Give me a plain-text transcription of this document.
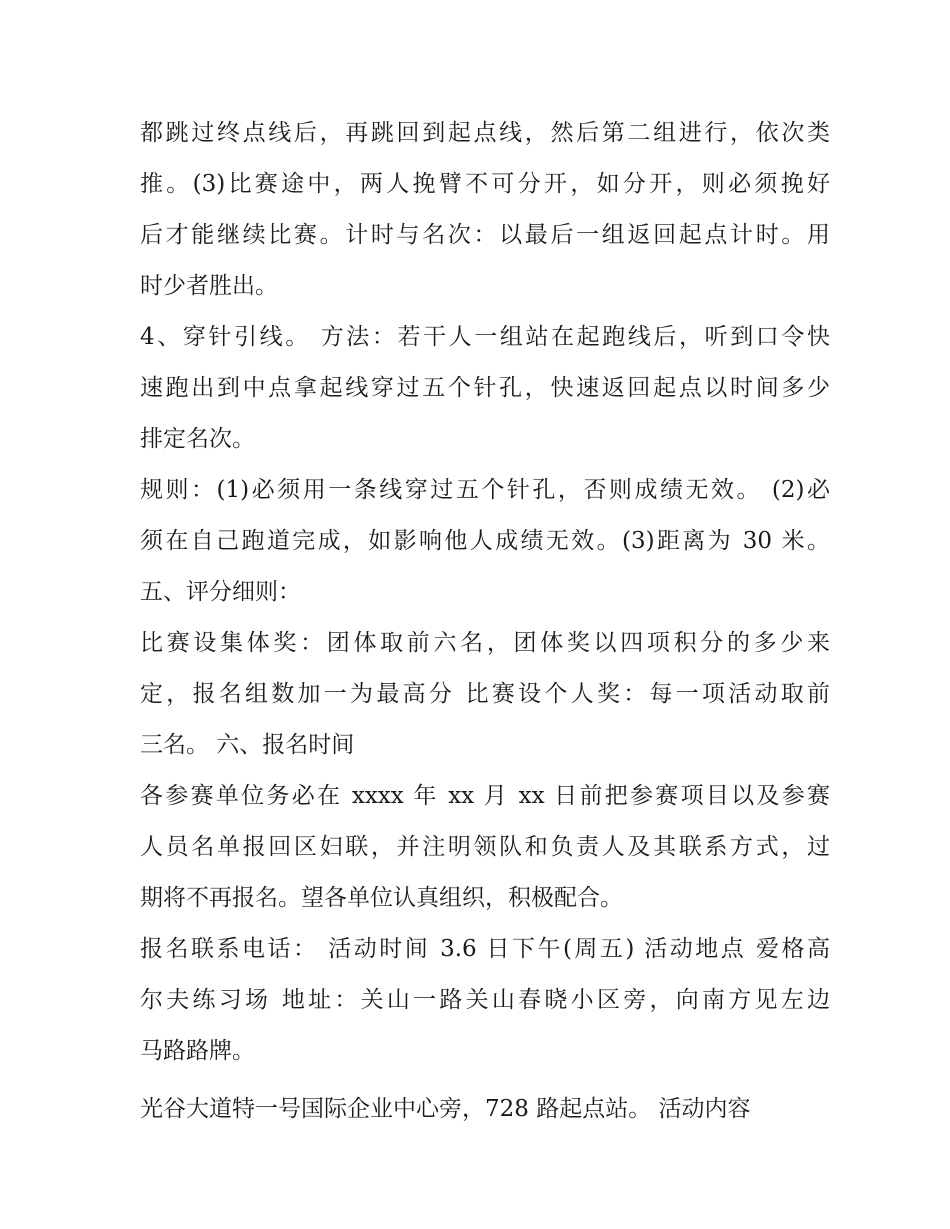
都跳过终点线后，再跳回到起点线，然后第二组进行，依次类
推。(3)比赛途中，两人挽臂不可分开，如分开，则必须挽好
后才能继续比赛。计时与名次：以最后一组返回起点计时。用
时少者胜出。
4、穿针引线。 方法：若干人一组站在起跑线后，听到口令快
速跑出到中点拿起线穿过五个针孔，快速返回起点以时间多少
排定名次。
规则：(1)必须用一条线穿过五个针孔，否则成绩无效。 (2)必
须在自己跑道完成，如影响他人成绩无效。(3)距离为 30 米。
五、评分细则：
比赛设集体奖：团体取前六名，团体奖以四项积分的多少来
定，报名组数加一为最高分 比赛设个人奖：每一项活动取前
三名。 六、报名时间
各参赛单位务必在 xxxx 年 xx 月 xx 日前把参赛项目以及参赛
人员名单报回区妇联，并注明领队和负责人及其联系方式，过
期将不再报名。望各单位认真组织，积极配合。
报名联系电话： 活动时间 3.6 日下午(周五) 活动地点 爱格高
尔夫练习场 地址：关山一路关山春晓小区旁，向南方见左边
马路路牌。
光谷大道特一号国际企业中心旁，728 路起点站。 活动内容
